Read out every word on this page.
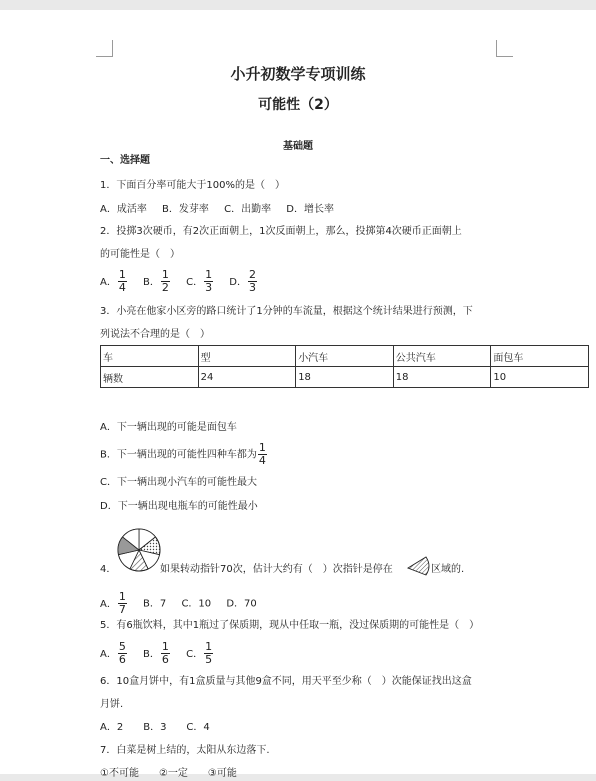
小升初数学专项训练
可能性（2）
基础题
一、选择题
1．下面百分率可能大于100%的是（　）
A．成活率 B．发芽率 C．出勤率 D．增长率
2．投掷3次硬币，有2次正面朝上，1次反面朝上，那么，投掷第4次硬币正面朝上
的可能性是（　）
A． $\frac{1}{4}$ B． $\frac{1}{2}$ C． $\frac{1}{3}$ D． $\frac{2}{3}$
3．小亮在他家小区旁的路口统计了1分钟的车流量，根据这个统计结果进行预测，下
列说法不合理的是（　）
车	型	小汽车	公共汽车	面包车
辆数	24	18	18	10
A．下一辆出现的可能是面包车
B．下一辆出现的可能性四种车都为 $\frac{1}{4}$
C．下一辆出现小汽车的可能性最大
D．下一辆出现电瓶车的可能性最小
4．	如果转动指针70次，估计大约有（　）次指针是停在	区域的.
A． $\frac{1}{7}$ B．7 C．10 D．70
5．有6瓶饮料，其中1瓶过了保质期，现从中任取一瓶，没过保质期的可能性是（　）
A． $\frac{5}{6}$ B． $\frac{1}{6}$ C． $\frac{1}{5}$
6．10盒月饼中，有1盒质量与其他9盒不同，用天平至少称（　）次能保证找出这盒
月饼.
A．2　　B．3　　C．4
7．白菜是树上结的，太阳从东边落下.
①不可能　　②一定　　③可能
